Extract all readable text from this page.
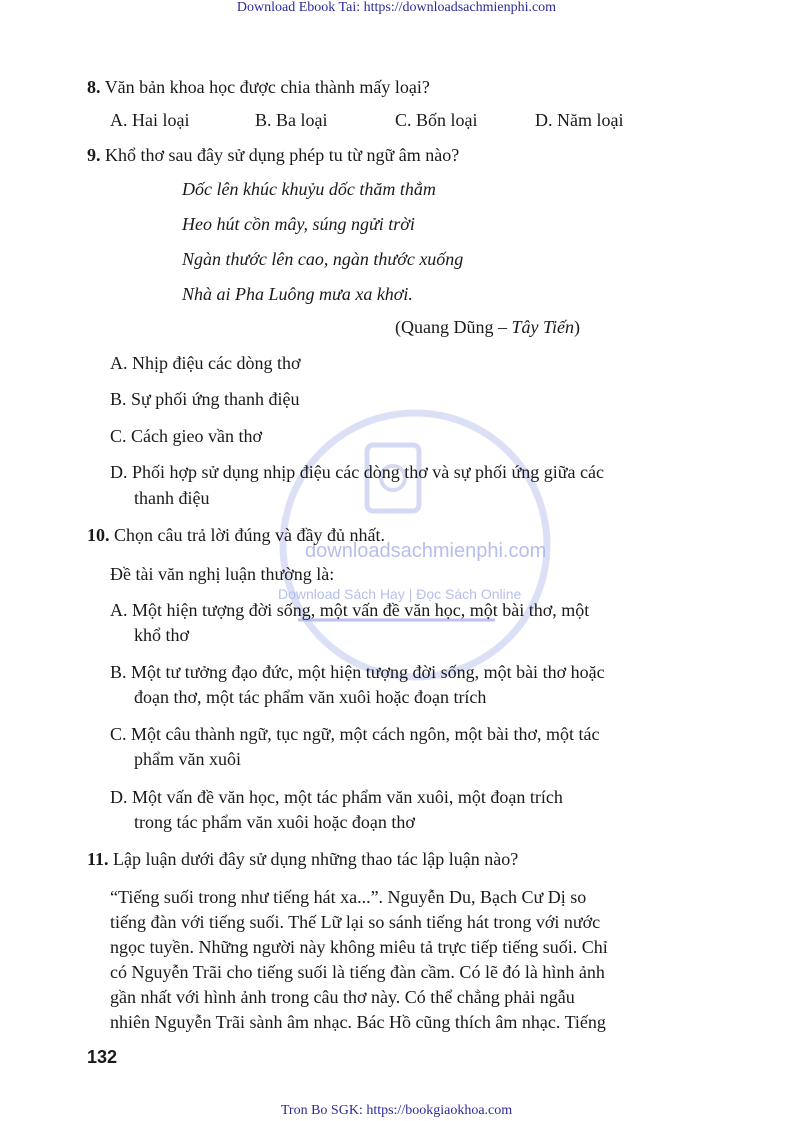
Download Ebook Tai: https://downloadsachmienphi.com
downloadsachmienphi.com
Download Sách Hay | Đọc Sách Online
8. Văn bản khoa học được chia thành mấy loại?
A. Hai loại	B. Ba loại	C. Bốn loại	D. Năm loại
9. Khổ thơ sau đây sử dụng phép tu từ ngữ âm nào?
Dốc lên khúc khuỷu dốc thăm thẳm
Heo hút cồn mây, súng ngửi trời
Ngàn thước lên cao, ngàn thước xuống
Nhà ai Pha Luông mưa xa khơi.
(Quang Dũng – Tây Tiến)
A. Nhịp điệu các dòng thơ
B. Sự phối ứng thanh điệu
C. Cách gieo vần thơ
D. Phối hợp sử dụng nhịp điệu các dòng thơ và sự phối ứng giữa các
thanh điệu
10. Chọn câu trả lời đúng và đầy đủ nhất.
Đề tài văn nghị luận thường là:
A. Một hiện tượng đời sống, một vấn đề văn học, một bài thơ, một
khổ thơ
B. Một tư tưởng đạo đức, một hiện tượng đời sống, một bài thơ hoặc
đoạn thơ, một tác phẩm văn xuôi hoặc đoạn trích
C. Một câu thành ngữ, tục ngữ, một cách ngôn, một bài thơ, một tác
phẩm văn xuôi
D. Một vấn đề văn học, một tác phẩm văn xuôi, một đoạn trích
trong tác phẩm văn xuôi hoặc đoạn thơ
11. Lập luận dưới đây sử dụng những thao tác lập luận nào?
“Tiếng suối trong như tiếng hát xa...”. Nguyễn Du, Bạch Cư Dị so
tiếng đàn với tiếng suối. Thế Lữ lại so sánh tiếng hát trong với nước
ngọc tuyền. Những người này không miêu tả trực tiếp tiếng suối. Chỉ
có Nguyễn Trãi cho tiếng suối là tiếng đàn cầm. Có lẽ đó là hình ảnh
gần nhất với hình ảnh trong câu thơ này. Có thể chẳng phải ngẫu
nhiên Nguyễn Trãi sành âm nhạc. Bác Hồ cũng thích âm nhạc. Tiếng
132
Tron Bo SGK: https://bookgiaokhoa.com
